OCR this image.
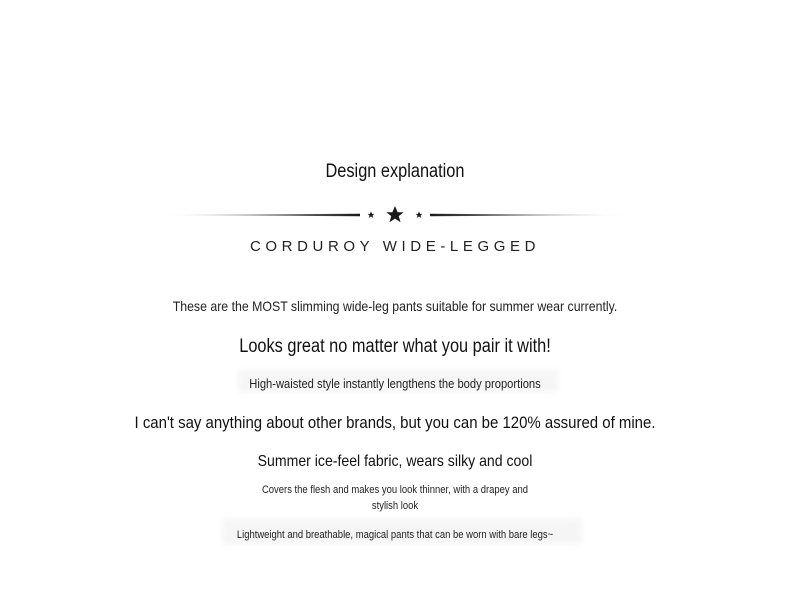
Design explanation
CORDUROY WIDE-LEGGED
These are the MOST slimming wide-leg pants suitable for summer wear currently.
Looks great no matter what you pair it with!
High-waisted style instantly lengthens the body proportions
I can't say anything about other brands, but you can be 120% assured of mine.
Summer ice-feel fabric, wears silky and cool
Covers the flesh and makes you look thinner, with a drapey and stylish look
Lightweight and breathable, magical pants that can be worn with bare legs~
